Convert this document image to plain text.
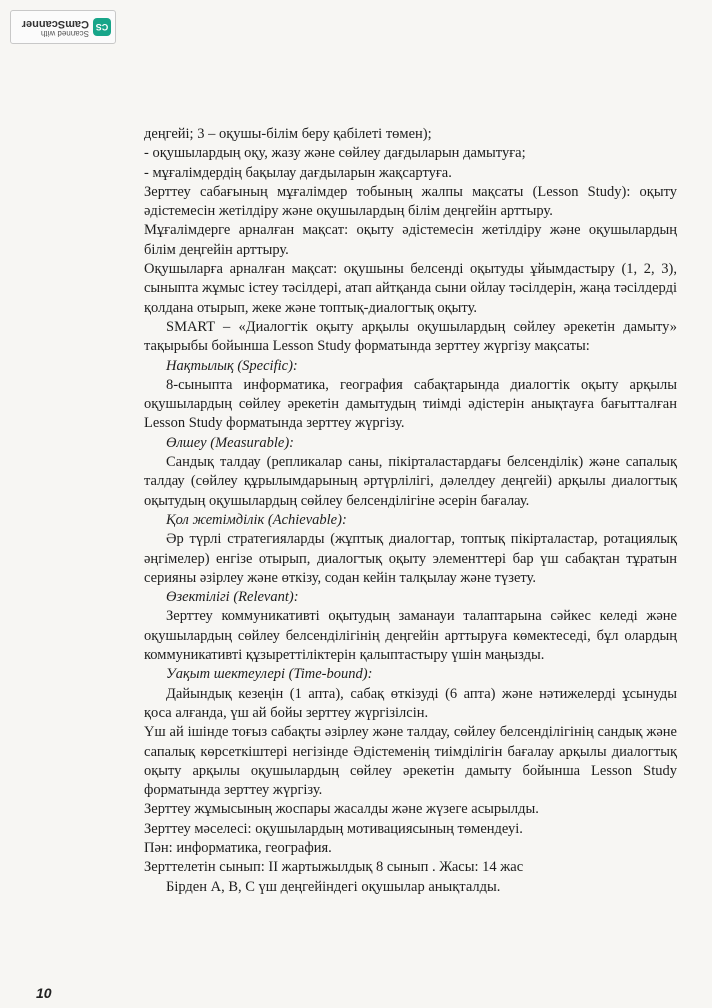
CS
Scanned with
CamScanner

деңгейі; 3 – оқушы-білім беру қабілеті төмен);

- оқушылардың оқу, жазу және сөйлеу дағдыларын дамытуға;

- мұғалімдердің бақылау дағдыларын жақсартуға.

Зерттеу сабағының мұғалімдер тобының жалпы мақсаты (Lesson Study): оқыту әдістемесін жетілдіру және оқушылардың білім деңгейін арттыру.

Мұғалімдерге арналған мақсат: оқыту әдістемесін жетілдіру және оқушылардың білім деңгейін арттыру.

Оқушыларға арналған мақсат: оқушыны белсенді оқытуды ұйымдастыру (1, 2, 3), сыныпта жұмыс істеу тәсілдері, атап айтқанда сыни ойлау тәсілдерін, жаңа тәсілдерді қолдана отырып, жеке және топтық-диалогтық оқыту.

SMART – «Диалогтік оқыту арқылы оқушылардың сөйлеу әрекетін дамыту» тақырыбы бойынша Lesson Study форматында зерттеу жүргізу мақсаты:

Нақтылық (Specific):

8-сыныпта информатика, география сабақтарында диалогтік оқыту арқылы оқушылардың сөйлеу әрекетін дамытудың тиімді әдістерін анықтауға бағытталған Lesson Study форматында зерттеу жүргізу.

Өлшеу (Measurable):

Сандық талдау (репликалар саны, пікірталастардағы белсенділік) және сапалық талдау (сөйлеу құрылымдарының әртүрлілігі, дәлелдеу деңгейі) арқылы диалогтық оқытудың оқушылардың сөйлеу белсенділігіне әсерін бағалау.

Қол жетімділік (Achievable):

Әр түрлі стратегияларды (жұптық диалогтар, топтық пікірталастар, ротациялық әңгімелер) енгізе отырып, диалогтық оқыту элементтері бар үш сабақтан тұратын серияны әзірлеу және өткізу, содан кейін талқылау және түзету.

Өзектілігі (Relevant):

Зерттеу коммуникативті оқытудың заманауи талаптарына сәйкес келеді және оқушылардың сөйлеу белсенділігінің деңгейін арттыруға көмектеседі, бұл олардың коммуникативті құзыреттіліктерін қалыптастыру үшін маңызды.

Уақыт шектеулері (Time-bound):

Дайындық кезеңін (1 апта), сабақ өткізуді (6 апта) және нәтижелерді ұсынуды қоса алғанда, үш ай бойы зерттеу жүргізілсін.

Үш ай ішінде тоғыз сабақты әзірлеу және талдау, сөйлеу белсенділігінің сандық және сапалық көрсеткіштері негізінде Әдістеменің тиімділігін бағалау арқылы диалогтық оқыту арқылы оқушылардың сөйлеу әрекетін дамыту бойынша Lesson Study форматында зерттеу жүргізу.

Зерттеу жұмысының жоспары жасалды және жүзеге асырылды.

Зерттеу мәселесі: оқушылардың мотивациясының төмендеуі.

Пән: информатика, география.

Зерттелетін сынып: II жартыжылдық 8 сынып . Жасы: 14 жас

Бірден А, В, С үш деңгейіндегі оқушылар анықталды.

10
